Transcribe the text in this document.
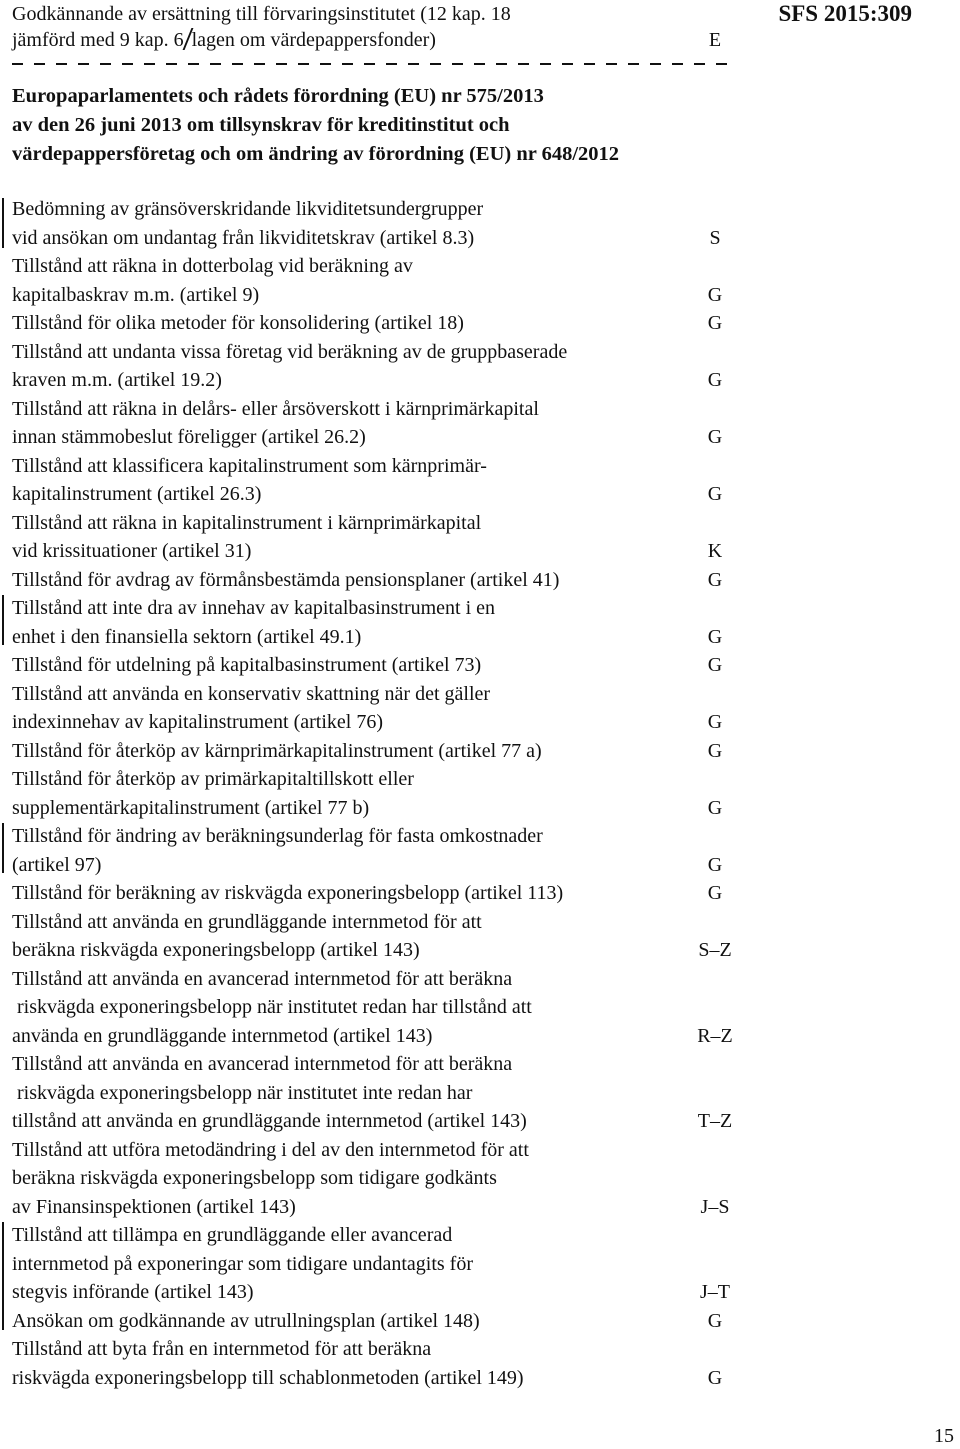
SFS 2015:309
Godkännande av ersättning till förvaringsinstitutet (12 kap. 18
jämförd med 9 kap. 6 lagen om värdepappersfonder)	E
Europaparlamentets och rådets förordning (EU) nr 575/2013
av den 26 juni 2013 om tillsynskrav för kreditinstitut och
värdepappersföretag och om ändring av förordning (EU) nr 648/2012
Bedömning av gränsöverskridande likviditetsundergrupper
vid ansökan om undantag från likviditetskrav (artikel 8.3)	S
Tillstånd att räkna in dotterbolag vid beräkning av
kapitalbaskrav m.m. (artikel 9)	G
Tillstånd för olika metoder för konsolidering (artikel 18)	G
Tillstånd att undanta vissa företag vid beräkning av de gruppbaserade
kraven m.m. (artikel 19.2)	G
Tillstånd att räkna in delårs- eller årsöverskott i kärnprimärkapital
innan stämmobeslut föreligger (artikel 26.2)	G
Tillstånd att klassificera kapitalinstrument som kärnprimär-
kapitalinstrument (artikel 26.3)	G
Tillstånd att räkna in kapitalinstrument i kärnprimärkapital
vid krissituationer (artikel 31)	K
Tillstånd för avdrag av förmånsbestämda pensionsplaner (artikel 41)	G
Tillstånd att inte dra av innehav av kapitalbasinstrument i en
enhet i den finansiella sektorn (artikel 49.1)	G
Tillstånd för utdelning på kapitalbasinstrument (artikel 73)	G
Tillstånd att använda en konservativ skattning när det gäller
indexinnehav av kapitalinstrument (artikel 76)	G
Tillstånd för återköp av kärnprimärkapitalinstrument (artikel 77 a)	G
Tillstånd för återköp av primärkapitaltillskott eller
supplementärkapitalinstrument (artikel 77 b)	G
Tillstånd för ändring av beräkningsunderlag för fasta omkostnader
(artikel 97)	G
Tillstånd för beräkning av riskvägda exponeringsbelopp (artikel 113)	G
Tillstånd att använda en grundläggande internmetod för att
beräkna riskvägda exponeringsbelopp (artikel 143)	S–Z
Tillstånd att använda en avancerad internmetod för att beräkna
riskvägda exponeringsbelopp när institutet redan har tillstånd att
använda en grundläggande internmetod (artikel 143)	R–Z
Tillstånd att använda en avancerad internmetod för att beräkna
riskvägda exponeringsbelopp när institutet inte redan har
tillstånd att använda en grundläggande internmetod (artikel 143)	T–Z
Tillstånd att utföra metodändring i del av den internmetod för att
beräkna riskvägda exponeringsbelopp som tidigare godkänts
av Finansinspektionen (artikel 143)	J–S
Tillstånd att tillämpa en grundläggande eller avancerad
internmetod på exponeringar som tidigare undantagits för
stegvis införande (artikel 143)	J–T
Ansökan om godkännande av utrullningsplan (artikel 148)	G
Tillstånd att byta från en internmetod för att beräkna
riskvägda exponeringsbelopp till schablonmetoden (artikel 149)	G
15
